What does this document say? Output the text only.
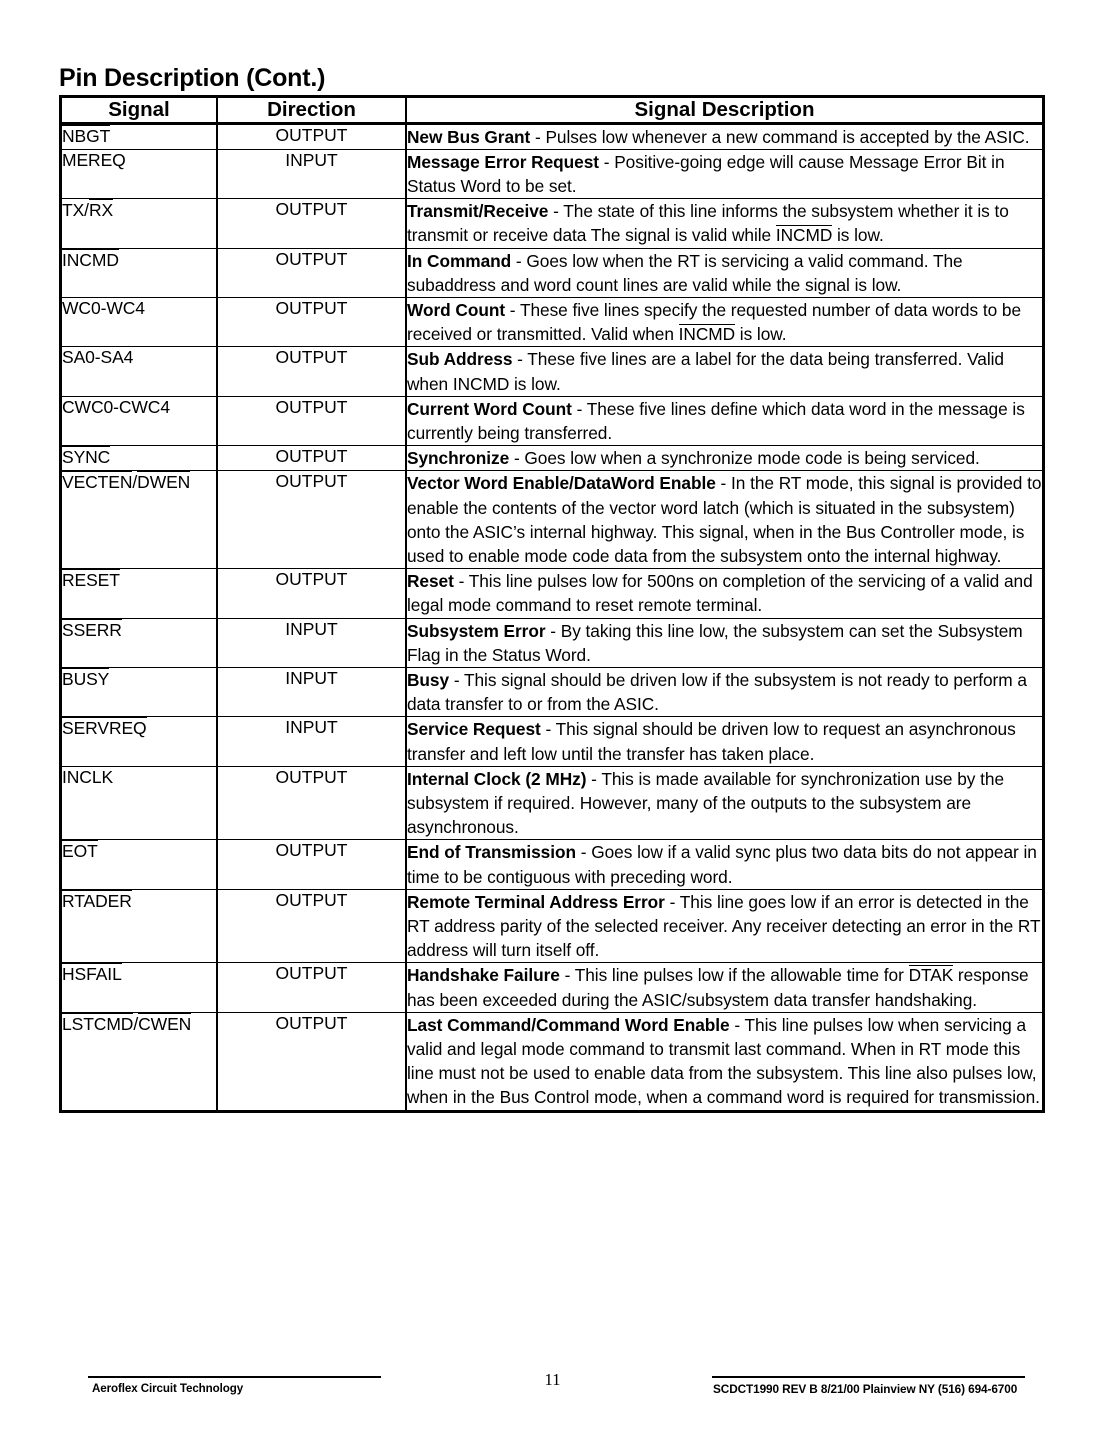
Pin Description (Cont.)
Signal	Direction	Signal Description
NBGT	OUTPUT	New Bus Grant - Pulses low whenever a new command is accepted by the ASIC.
MEREQ	INPUT	Message Error Request - Positive-going edge will cause Message Error Bit in Status Word to be set.
TX/RX	OUTPUT	Transmit/Receive - The state of this line informs the subsystem whether it is to transmit or receive data The signal is valid while INCMD is low.
INCMD	OUTPUT	In Command - Goes low when the RT is servicing a valid command. The subaddress and word count lines are valid while the signal is low.
WC0-WC4	OUTPUT	Word Count - These five lines specify the requested number of data words to be received or transmitted. Valid when INCMD is low.
SA0-SA4	OUTPUT	Sub Address - These five lines are a label for the data being transferred. Valid when INCMD is low.
CWC0-CWC4	OUTPUT	Current Word Count - These five lines define which data word in the message is currently being transferred.
SYNC	OUTPUT	Synchronize - Goes low when a synchronize mode code is being serviced.
VECTEN/DWEN	OUTPUT	Vector Word Enable/DataWord Enable - In the RT mode, this signal is provided to enable the contents of the vector word latch (which is situated in the subsystem) onto the ASIC’s internal highway. This signal, when in the Bus Controller mode, is used to enable mode code data from the subsystem onto the internal highway.
RESET	OUTPUT	Reset - This line pulses low for 500ns on completion of the servicing of a valid and legal mode command to reset remote terminal.
SSERR	INPUT	Subsystem Error - By taking this line low, the subsystem can set the Subsystem Flag in the Status Word.
BUSY	INPUT	Busy - This signal should be driven low if the subsystem is not ready to perform a data transfer to or from the ASIC.
SERVREQ	INPUT	Service Request - This signal should be driven low to request an asynchronous transfer and left low until the transfer has taken place.
INCLK	OUTPUT	Internal Clock (2 MHz) - This is made available for synchronization use by the subsystem if required. However, many of the outputs to the subsystem are asynchronous.
EOT	OUTPUT	End of Transmission - Goes low if a valid sync plus two data bits do not appear in time to be contiguous with preceding word.
RTADER	OUTPUT	Remote Terminal Address Error - This line goes low if an error is detected in the RT address parity of the selected receiver. Any receiver detecting an error in the RT address will turn itself off.
HSFAIL	OUTPUT	Handshake Failure - This line pulses low if the allowable time for DTAK response has been exceeded during the ASIC/subsystem data transfer handshaking.
LSTCMD/CWEN	OUTPUT	Last Command/Command Word Enable - This line pulses low when servicing a valid and legal mode command to transmit last command. When in RT mode this line must not be used to enable data from the subsystem. This line also pulses low, when in the Bus Control mode, when a command word is required for transmission.
Aeroflex Circuit Technology	11	SCDCT1990 REV B 8/21/00 Plainview NY (516) 694-6700
